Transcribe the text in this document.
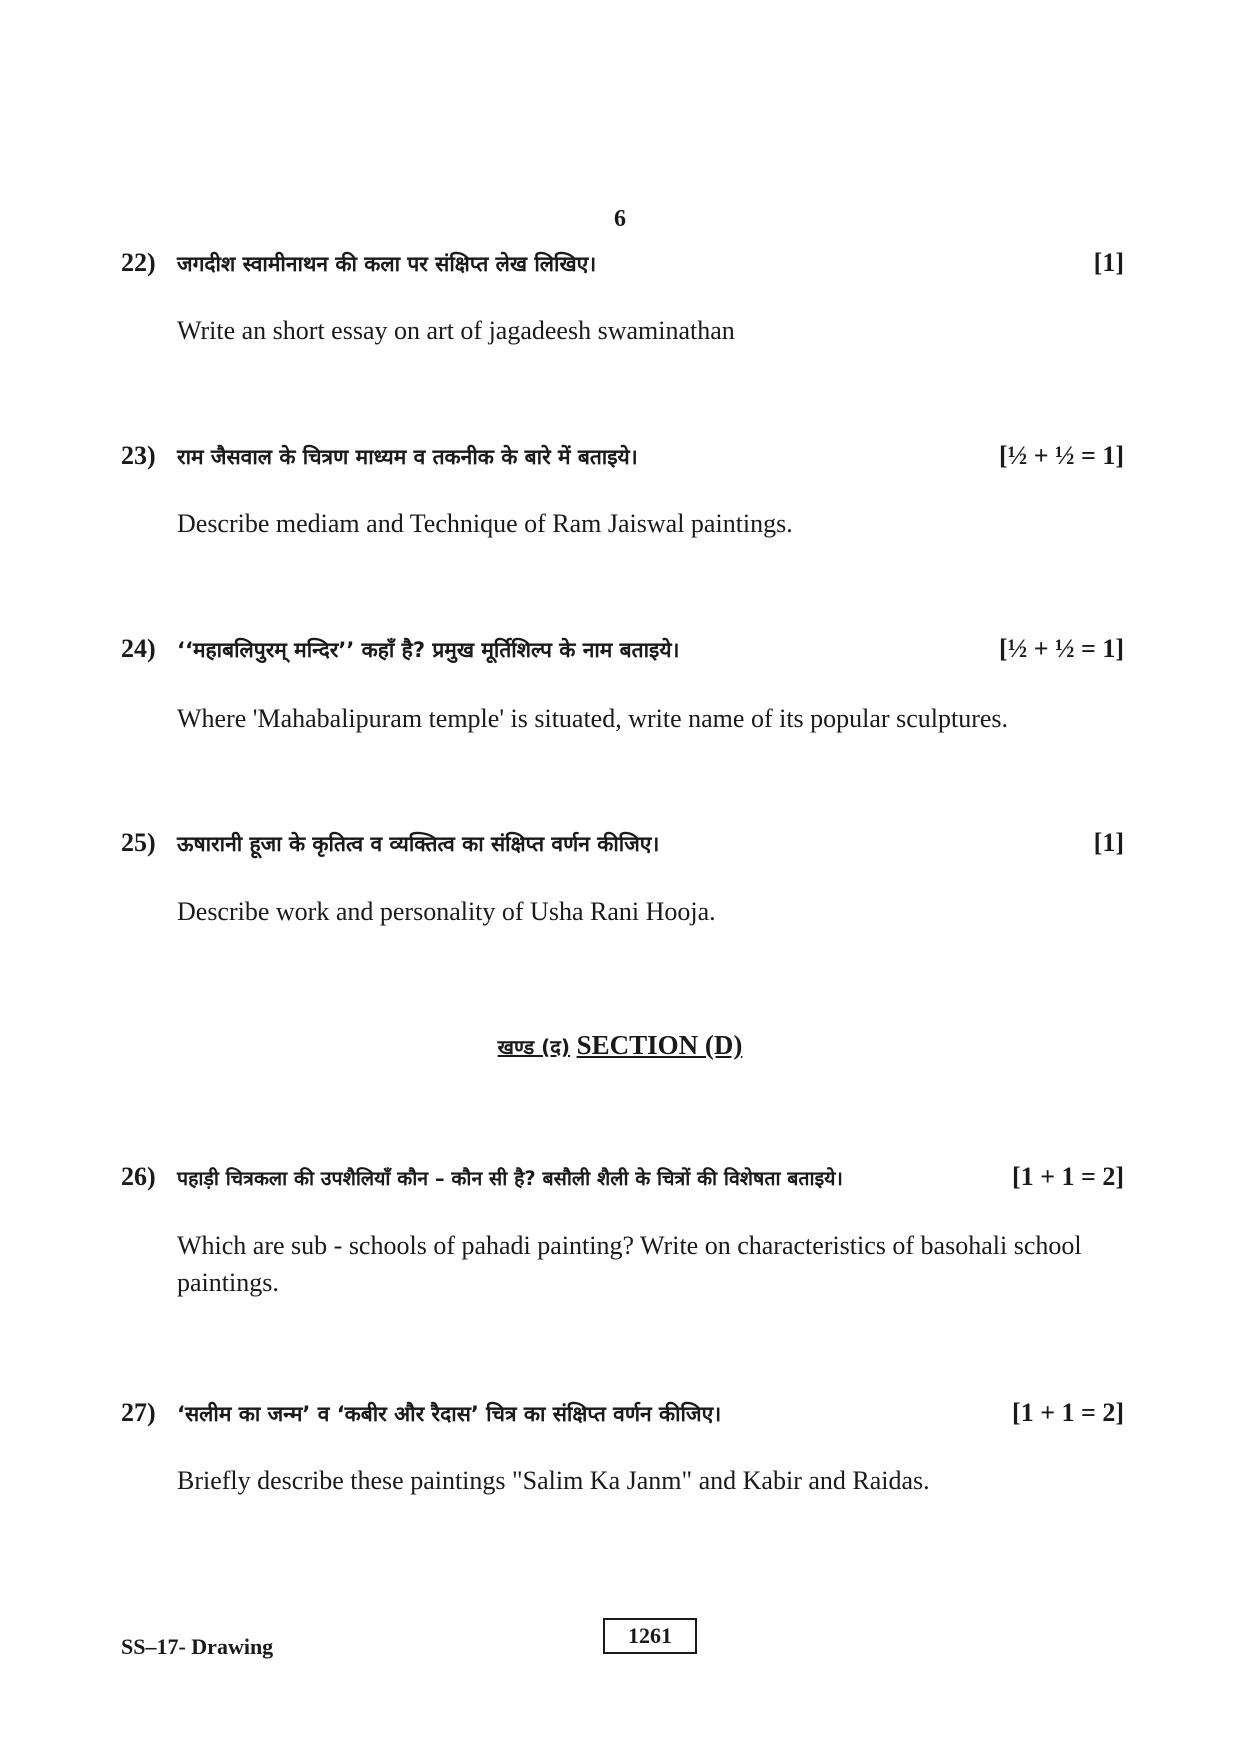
6
22)	जगदीश स्वामीनाथन की कला पर संक्षिप्त लेख लिखिए।	[1]
Write an short essay on art of jagadeesh swaminathan
23)	राम जैसवाल के चित्रण माध्यम व तकनीक के बारे में बताइये।	[½ + ½ = 1]
Describe mediam and Technique of Ram Jaiswal paintings.
24)	‘‘महाबलिपुरम् मन्दिर’’ कहाँ है? प्रमुख मूर्तिशिल्प के नाम बताइये।	[½ + ½ = 1]
Where 'Mahabalipuram temple' is situated, write name of its popular sculptures.
25)	ऊषारानी हूजा के कृतित्व व व्यक्तित्व का संक्षिप्त वर्णन कीजिए।	[1]
Describe work and personality of Usha Rani Hooja.
खण्ड (द) SECTION (D)
26)	पहाड़ी चित्रकला की उपशैलियाँ कौन – कौन सी है? बसौली शैली के चित्रों की विशेषता बताइये।	[1 + 1 = 2]
Which are sub - schools of pahadi painting? Write on characteristics of basohali school paintings.
27)	‘सलीम का जन्म’ व ‘कबीर और रैदास’ चित्र का संक्षिप्त वर्णन कीजिए।	[1 + 1 = 2]
Briefly describe these paintings "Salim Ka Janm" and Kabir and Raidas.
SS–17- Drawing	1261
